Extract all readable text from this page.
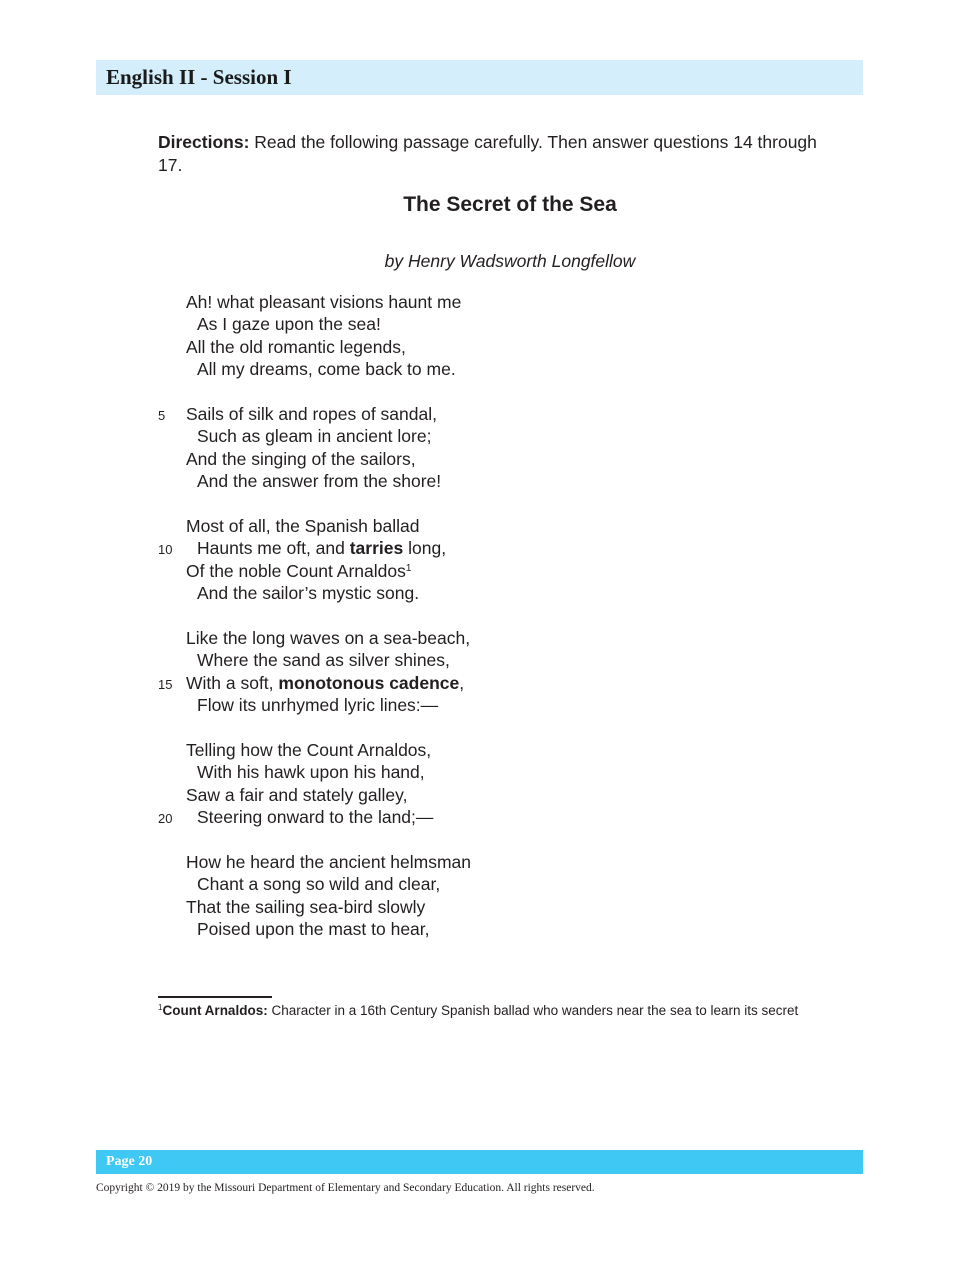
English II - Session I
Directions: Read the following passage carefully. Then answer questions 14 through 17.
The Secret of the Sea
by Henry Wadsworth Longfellow
Ah! what pleasant visions haunt me
As I gaze upon the sea!
All the old romantic legends,
All my dreams, come back to me.
5 Sails of silk and ropes of sandal,
Such as gleam in ancient lore;
And the singing of the sailors,
And the answer from the shore!
Most of all, the Spanish ballad
10 Haunts me oft, and tarries long,
Of the noble Count Arnaldos$^1$
And the sailor’s mystic song.
Like the long waves on a sea-beach,
Where the sand as silver shines,
15 With a soft, monotonous cadence,
Flow its unrhymed lyric lines:—
Telling how the Count Arnaldos,
With his hawk upon his hand,
Saw a fair and stately galley,
20 Steering onward to the land;—
How he heard the ancient helmsman
Chant a song so wild and clear,
That the sailing sea-bird slowly
Poised upon the mast to hear,
$^1$Count Arnaldos: Character in a 16th Century Spanish ballad who wanders near the sea to learn its secret
Page 20
Copyright © 2019 by the Missouri Department of Elementary and Secondary Education. All rights reserved.
